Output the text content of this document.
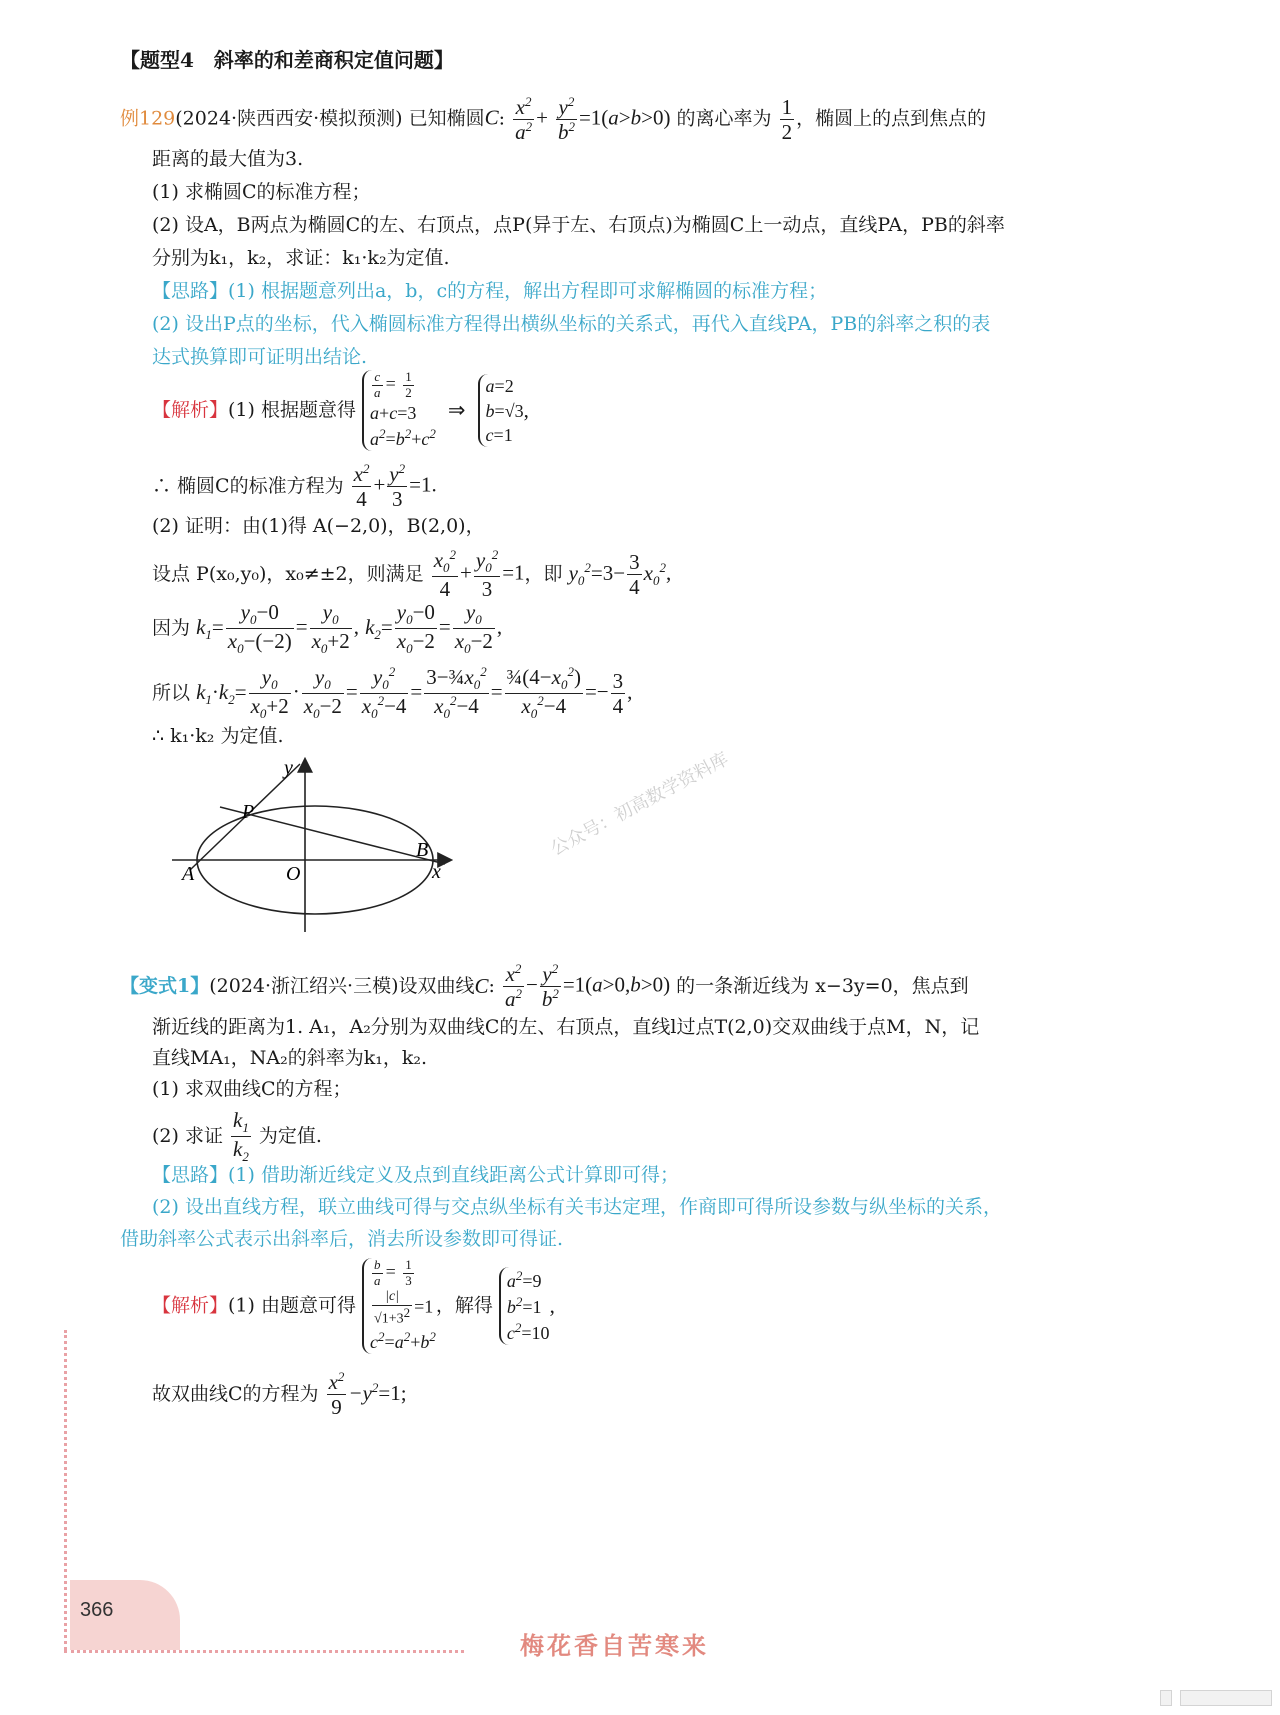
【题型4　斜率的和差商积定值问题】
例129(2024·陕西西安·模拟预测) 已知椭圆C: $\frac{x^2}{a^2} + \frac{y^2}{b^2} =1(a>b>0)$ 的离心率为 $\frac{1}{2}$ ，椭圆上的点到焦点的
距离的最大值为3.
(1) 求椭圆C的标准方程；
(2) 设A，B两点为椭圆C的左、右顶点，点P(异于左、右顶点)为椭圆C上一动点，直线PA，PB的斜率
分别为k₁，k₂，求证：k₁·k₂为定值.
【思路】(1) 根据题意列出a，b，c的方程，解出方程即可求解椭圆的标准方程；
(2) 设出P点的坐标，代入椭圆标准方程得出横纵坐标的关系式，再代入直线PA，PB的斜率之积的表
达式换算即可证明出结论.
【解析】(1) 根据题意得
$\frac{c}{a} = \frac{1}{2}$
a+c=3
$a^2=b^2+c^2$
⇒
a=2
b=√3
c=1
,
∴ 椭圆C的标准方程为 $\frac{x^2}{4} + \frac{y^2}{3} =1$.
(2) 证明：由(1)得 A(−2,0)，B(2,0)，
设点 P(x₀,y₀)，x₀≠±2，则满足 $\frac{x_0^2}{4} + \frac{y_0^2}{3} =1$，即 $y_0^2=3- \frac{3}{4} x_0^2$,
因为 $k_1= \frac{y_0-0}{x_0-(-2)} = \frac{y_0}{x_0+2}$ , $k_2= \frac{y_0-0}{x_0-2} = \frac{y_0}{x_0-2}$ ,
所以 $k_1\cdot k_2= \frac{y_0}{x_0+2} \cdot \frac{y_0}{x_0-2} = \frac{y_0^2}{x_0^2-4} = \frac{3-\frac{3}{4}x_0^2}{x_0^2-4} = \frac{\frac{3}{4}(4-x_0^2)}{x_0^2-4} =- \frac{3}{4}$ ,
∴ k₁·k₂ 为定值.
y
x
P
A
B
O
公众号：初高数学资料库
【变式1】(2024·浙江绍兴·三模)设双曲线C: $\frac{x^2}{a^2} - \frac{y^2}{b^2} =1(a>0,b>0)$ 的一条渐近线为 x−3y=0，焦点到
渐近线的距离为1. A₁，A₂分别为双曲线C的左、右顶点，直线l过点T(2,0)交双曲线于点M，N，记
直线MA₁，NA₂的斜率为k₁，k₂.
(1) 求双曲线C的方程；
(2) 求证 $\frac{k_1}{k_2}$ 为定值.
【思路】(1) 借助渐近线定义及点到直线距离公式计算即可得；
(2) 设出直线方程，联立曲线可得与交点纵坐标有关韦达定理，作商即可得所设参数与纵坐标的关系，
借助斜率公式表示出斜率后，消去所设参数即可得证.
【解析】(1) 由题意可得
$\frac{b}{a} = \frac{1}{3}$
$\frac{|c|}{√1+3^2} =1$
$c^2=a^2+b^2$
，解得
$a^2=9$
$b^2=1$
$c^2=10$
,
故双曲线C的方程为 $\frac{x^2}{9} -y^2=1$;
366
梅花香自苦寒来
